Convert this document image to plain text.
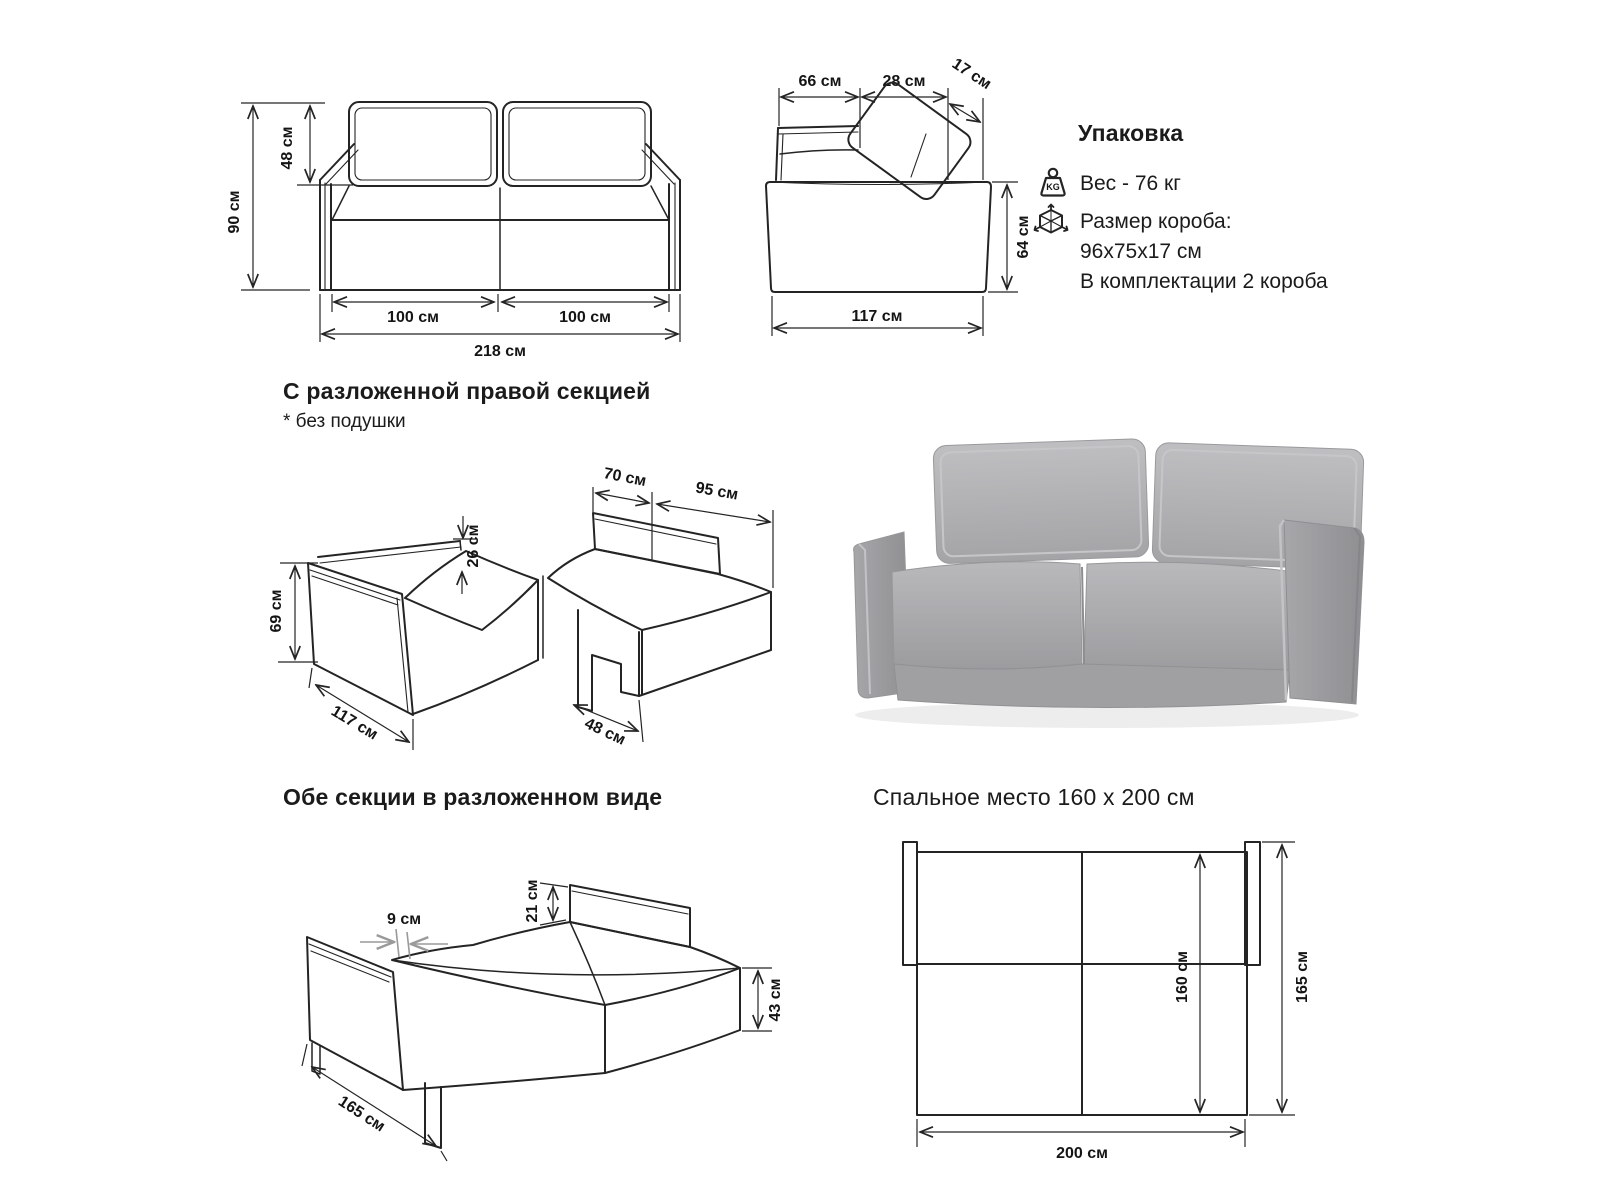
90 см
48 см
100 см	100 см
218 см
66 см	28 см 17 см
64 см
117 см
Упаковка
KG Вес - 76 кг
Размер короба:
96x75x17 см
В комплектации 2 короба
С разложенной правой секцией
* без подушки
69 см
117 см
26 см
70 см
95 см
48 см
Обе секции в разложенном виде
9 см	21 см
43 см
165 см
Спальное место 160 x 200 см
160 см	165 см
200 см
